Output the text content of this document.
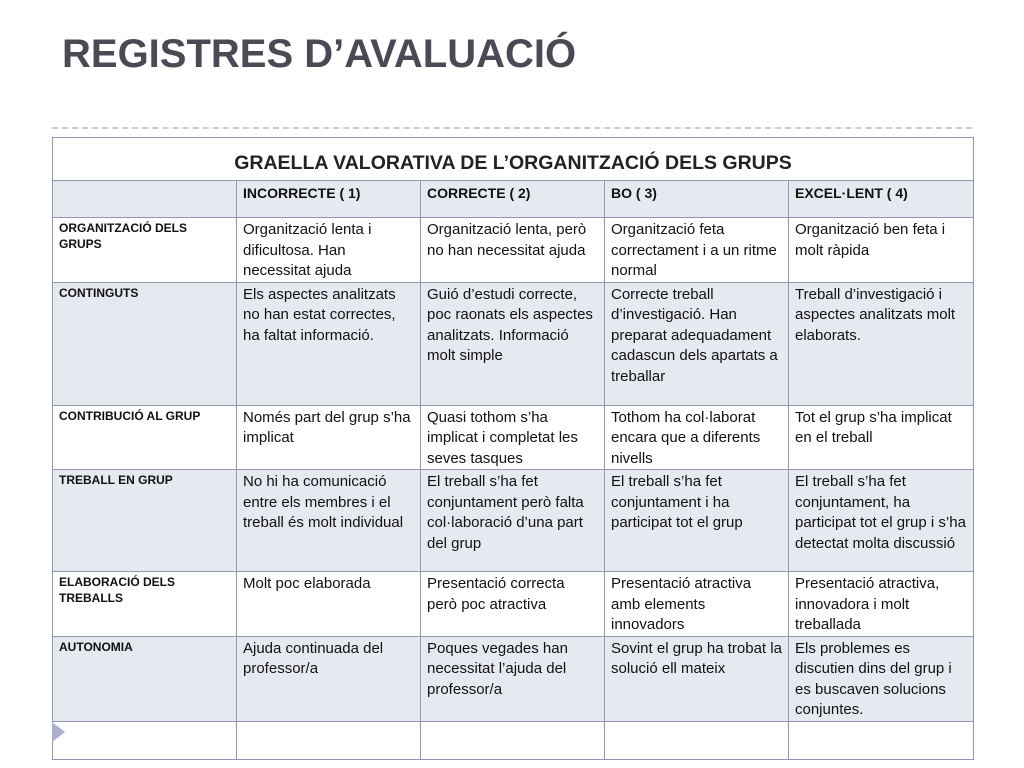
REGISTRES D’AVALUACIÓ
GRAELLA VALORATIVA DE L’ORGANITZACIÓ DELS GRUPS				
	INCORRECTE ( 1)	CORRECTE ( 2)	BO ( 3)	EXCEL·LENT ( 4)
ORGANITZACIÓ DELS GRUPS	Organització lenta i dificultosa. Han necessitat ajuda	Organització lenta, però no han necessitat ajuda	Organització feta correctament i a un ritme normal	Organització ben feta i molt ràpida
CONTINGUTS	Els aspectes analitzats no han estat correctes, ha faltat informació.	Guió d’estudi correcte, poc raonats els aspectes analitzats. Informació molt simple	Correcte treball d’investigació. Han preparat adequadament cadascun dels apartats a treballar	Treball d’investigació i aspectes analitzats molt elaborats.
CONTRIBUCIÓ AL GRUP	Només part del grup s’ha implicat	Quasi tothom s’ha implicat i completat les seves tasques	Tothom ha col·laborat encara que a diferents nivells	Tot el grup s’ha implicat en el treball
TREBALL EN GRUP	No hi ha comunicació entre els membres i el treball és molt individual	El treball s’ha fet conjuntament però falta col·laboració d’una part del grup	El treball s’ha fet conjuntament i ha participat tot el grup	El treball s’ha fet conjuntament, ha participat tot el grup i s’ha detectat molta discussió
ELABORACIÓ DELS TREBALLS	Molt poc elaborada	Presentació correcta però poc atractiva	Presentació atractiva amb elements innovadors	Presentació atractiva, innovadora i molt treballada
AUTONOMIA	Ajuda continuada del professor/a	Poques vegades han necessitat l’ajuda del professor/a	Sovint el grup ha trobat la solució ell mateix	Els problemes es discutien dins del grup i es buscaven solucions conjuntes.
